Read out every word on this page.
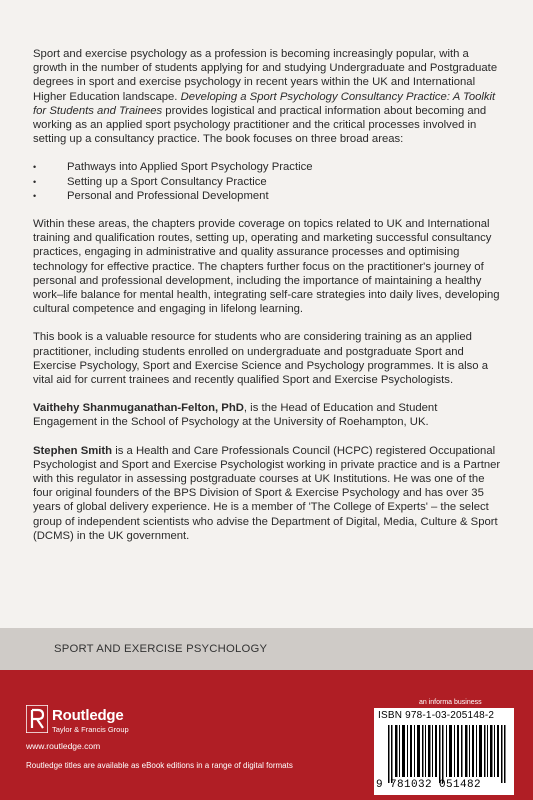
Sport and exercise psychology as a profession is becoming increasingly popular, with a growth in the number of students applying for and studying Undergraduate and Postgraduate degrees in sport and exercise psychology in recent years within the UK and International Higher Education landscape. Developing a Sport Psychology Consultancy Practice: A Toolkit for Students and Trainees provides logistical and practical information about becoming and working as an applied sport psychology practitioner and the critical processes involved in setting up a consultancy practice. The book focuses on three broad areas:

• Pathways into Applied Sport Psychology Practice
• Setting up a Sport Consultancy Practice
• Personal and Professional Development

Within these areas, the chapters provide coverage on topics related to UK and International training and qualification routes, setting up, operating and marketing successful consultancy practices, engaging in administrative and quality assurance processes and optimising technology for effective practice. The chapters further focus on the practitioner's journey of personal and professional development, including the importance of maintaining a healthy work–life balance for mental health, integrating self-care strategies into daily lives, developing cultural competence and engaging in lifelong learning.

This book is a valuable resource for students who are considering training as an applied practitioner, including students enrolled on undergraduate and postgraduate Sport and Exercise Psychology, Sport and Exercise Science and Psychology programmes. It is also a vital aid for current trainees and recently qualified Sport and Exercise Psychologists.

Vaithehy Shanmuganathan-Felton, PhD, is the Head of Education and Student Engagement in the School of Psychology at the University of Roehampton, UK.

Stephen Smith is a Health and Care Professionals Council (HCPC) registered Occupational Psychologist and Sport and Exercise Psychologist working in private practice and is a Partner with this regulator in assessing postgraduate courses at UK Institutions. He was one of the four original founders of the BPS Division of Sport & Exercise Psychology and has over 35 years of global delivery experience. He is a member of 'The College of Experts' – the select group of independent scientists who advise the Department of Digital, Media, Culture & Sport (DCMS) in the UK government.

SPORT AND EXERCISE PSYCHOLOGY
Routledge
Taylor & Francis Group
www.routledge.com
Routledge titles are available as eBook editions in a range of digital formats
an informa business
ISBN 978-1-03-205148-2
9 781032 051482
